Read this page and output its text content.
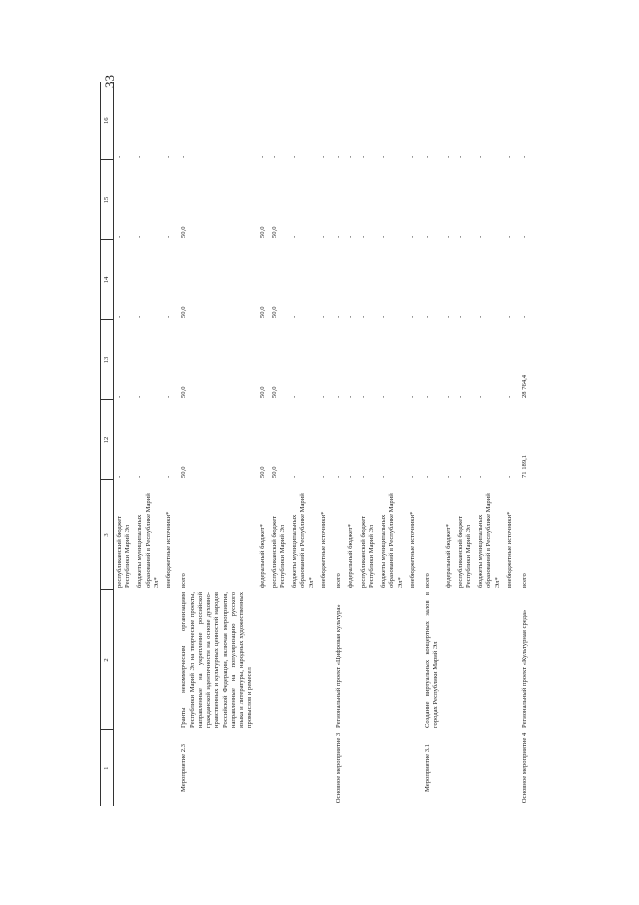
33
1	2	3	12	13	14	15	16
		республиканский бюджет Республики Марий Эл	-	-	-	-	-
		бюджеты муниципальных образований в Республике Марий Эл*	-	-	-	-	-
		внебюджетные источники*	-	-	-	-	-
Мероприятие 2.3	Гранты некоммерческим организациям Республики Марий Эл на творческие проекты, направленные на укрепление российской гражданской идентичности на основе духовно-нравственных и культурных ценностей народов Российской Федерации, включая мероприятия, направленные на популяризацию русского языка и литературы, народных художественных промыслов и ремесел	всего	50,0	50,0	50,0	50,0	-
		федеральный бюджет*	50,0	50,0	50,0	50,0	-
		республиканский бюджет Республики Марий Эл	50,0	50,0	50,0	50,0	-
		бюджеты муниципальных образований в Республике Марий Эл*	-	-	-	-	-
		внебюджетные источники*	-	-	-	-	-
Основное мероприятие 3	Региональный проект «Цифровая культура»	всего	-	-	-	-	-
		федеральный бюджет*	-	-	-	-	-
		республиканский бюджет Республики Марий Эл	-	-	-	-	-
		бюджеты муниципальных образований в Республике Марий Эл*	-	-	-	-	-
		внебюджетные источники*	-	-	-	-	-
Мероприятие 3.1	Создание виртуальных концертных залов в городах Республики Марий Эл	всего	-	-	-	-	-
		федеральный бюджет*	-	-	-	-	-
		республиканский бюджет Республики Марий Эл	-	-	-	-	-
		бюджеты муниципальных образований в Республике Марий Эл*	-	-	-	-	-
		внебюджетные источники*	-	-	-	-	-
Основное мероприятие 4	Региональный проект «Культурная среда»	всего	71 189,1	28 764,4	-	-	-
